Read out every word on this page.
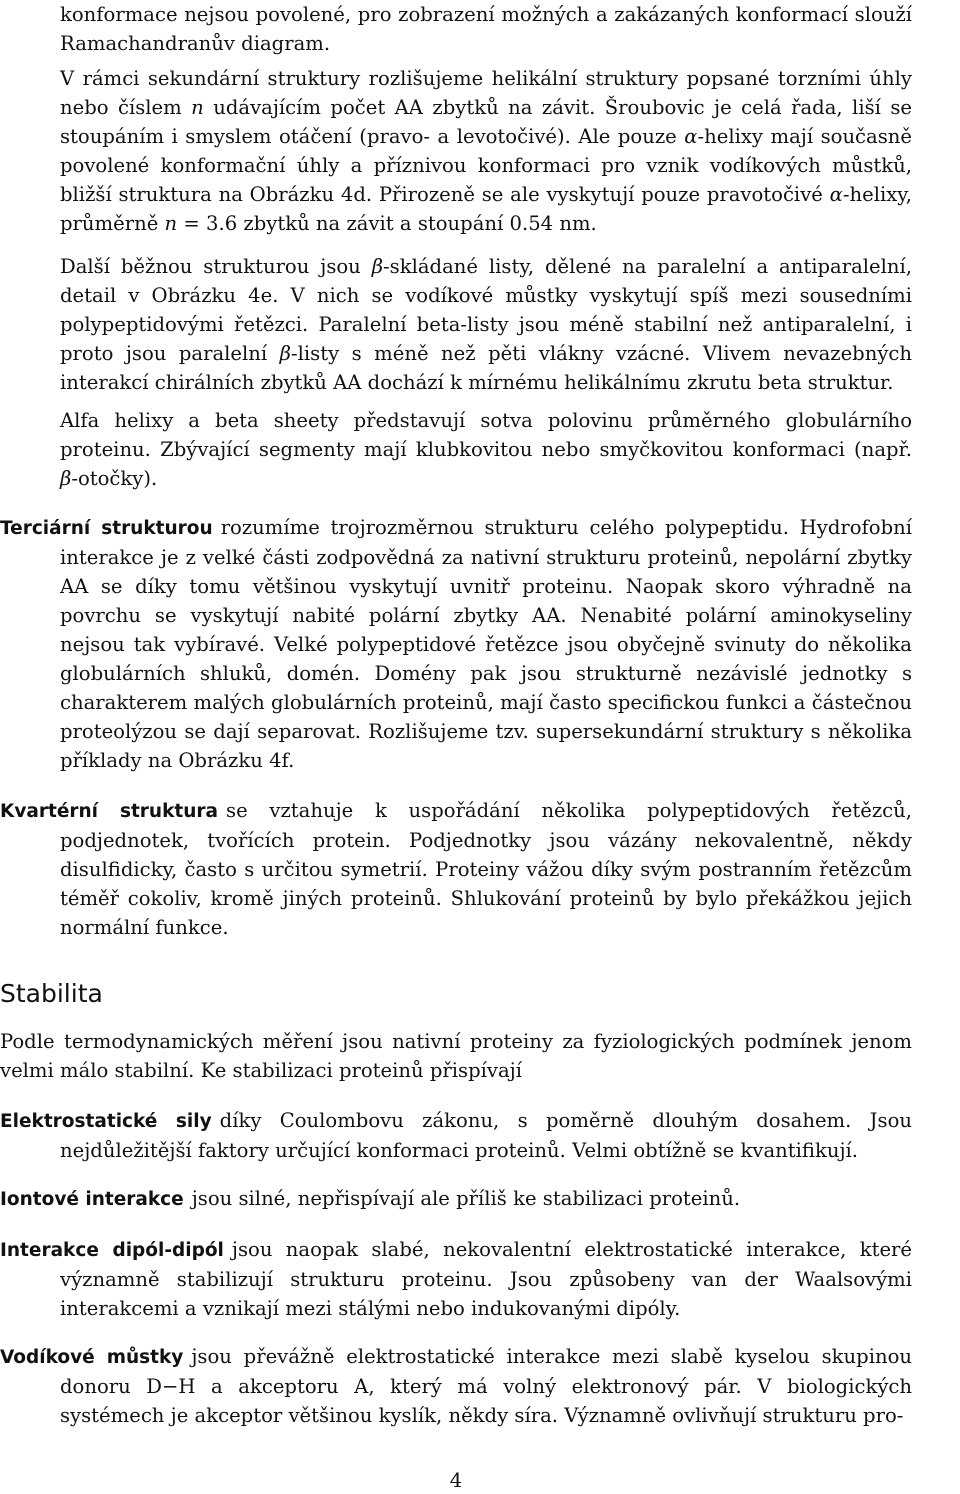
konformace nejsou povolené, pro zobrazení možných a zakázaných konformací slouží Ramachandranův diagram.

V rámci sekundární struktury rozlišujeme helikální struktury popsané torzními úhly nebo číslem n udávajícím počet AA zbytků na závit. Šroubovic je celá řada, liší se stoupáním i smyslem otáčení (pravo- a levotočivé). Ale pouze α-helixy mají současně povolené konformační úhly a příznivou konformaci pro vznik vodíkových můstků, bližší struktura na Obrázku 4d. Přirozeně se ale vyskytují pouze pravotočivé α-helixy, průměrně n = 3.6 zbytků na závit a stoupání 0.54 nm.

Další běžnou strukturou jsou β-skládané listy, dělené na paralelní a antiparalelní, detail v Obrázku 4e. V nich se vodíkové můstky vyskytují spíš mezi sousedními polypeptidovými řetězci. Paralelní beta-listy jsou méně stabilní než antiparalelní, i proto jsou paralelní β-listy s méně než pěti vlákny vzácné. Vlivem nevazebných interakcí chirálních zbytků AA dochází k mírnému helikálnímu zkrutu beta struktur.

Alfa helixy a beta sheety představují sotva polovinu průměrného globulárního proteinu. Zbývající segmenty mají klubkovitou nebo smyčkovitou konformaci (např. β-otočky).

Terciární strukturou rozumíme trojrozměrnou strukturu celého polypeptidu. Hydrofobní interakce je z velké části zodpovědná za nativní strukturu proteinů, nepolární zbytky AA se díky tomu většinou vyskytují uvnitř proteinu. Naopak skoro výhradně na povrchu se vyskytují nabité polární zbytky AA. Nenabité polární aminokyseliny nejsou tak vybíravé. Velké polypeptidové řetězce jsou obyčejně svinuty do několika globulárních shluků, domén. Domény pak jsou strukturně nezávislé jednotky s charakterem malých globulárních proteinů, mají často specifickou funkci a částečnou proteolýzou se dají separovat. Rozlišujeme tzv. supersekundární struktury s několika příklady na Obrázku 4f.

Kvartérní struktura se vztahuje k uspořádání několika polypeptidových řetězců, podjednotek, tvořících protein. Podjednotky jsou vázány nekovalentně, někdy disulfidicky, často s určitou symetrií. Proteiny vážou díky svým postranním řetězcům téměř cokoliv, kromě jiných proteinů. Shlukování proteinů by bylo překážkou jejich normální funkce.

Stabilita

Podle termodynamických měření jsou nativní proteiny za fyziologických podmínek jenom velmi málo stabilní. Ke stabilizaci proteinů přispívají

Elektrostatické sily díky Coulombovu zákonu, s poměrně dlouhým dosahem. Jsou nejdůležitější faktory určující konformaci proteinů. Velmi obtížně se kvantifikují.

Iontové interakce jsou silné, nepřispívají ale příliš ke stabilizaci proteinů.

Interakce dipól-dipól jsou naopak slabé, nekovalentní elektrostatické interakce, které významně stabilizují strukturu proteinu. Jsou způsobeny van der Waalsovými interakcemi a vznikají mezi stálými nebo indukovanými dipóly.

Vodíkové můstky jsou převážně elektrostatické interakce mezi slabě kyselou skupinou donoru D−H a akceptoru A, který má volný elektronový pár. V biologických systémech je akceptor většinou kyslík, někdy síra. Významně ovlivňují strukturu pro-

4
